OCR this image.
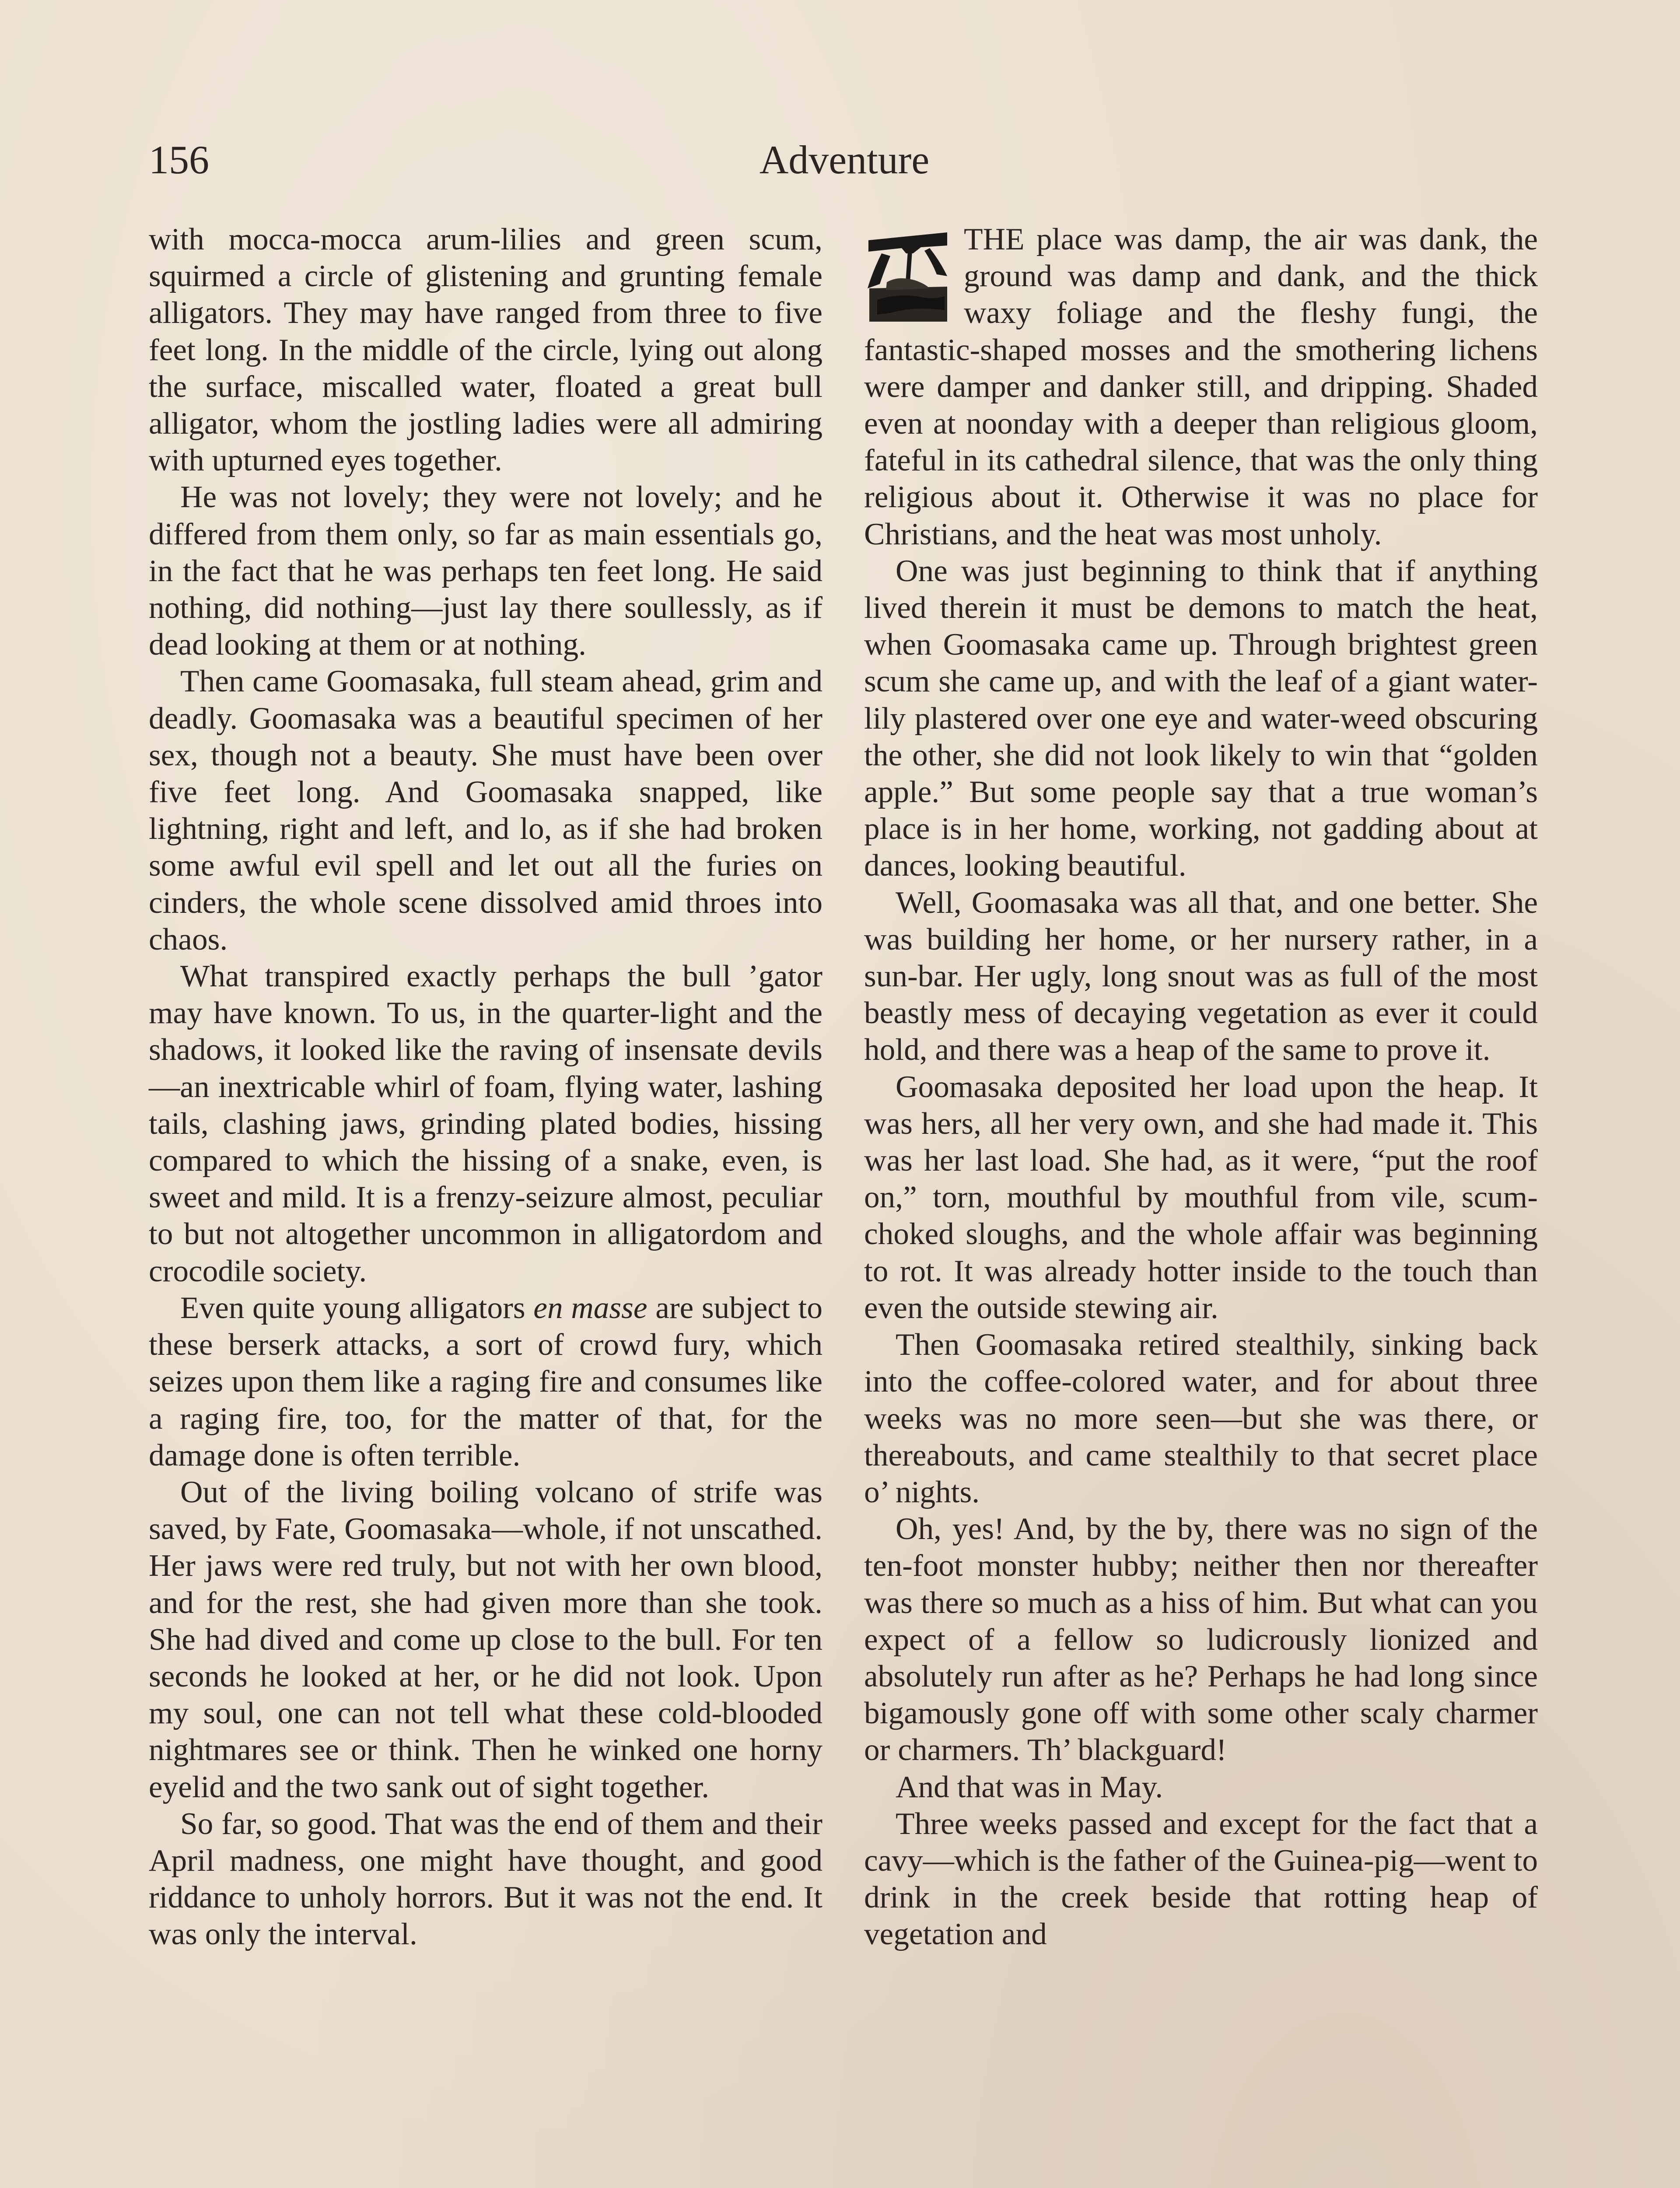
Adventure
156

with mocca-mocca arum-lilies and green scum, squirmed a circle of glistening and grunting female alligators. They may have ranged from three to five feet long. In the middle of the circle, lying out along the surface, miscalled water, floated a great bull alligator, whom the jostling ladies were all admiring with upturned eyes together.

He was not lovely; they were not lovely; and he differed from them only, so far as main essentials go, in the fact that he was perhaps ten feet long. He said nothing, did nothing—just lay there soullessly, as if dead looking at them or at nothing.

Then came Goomasaka, full steam ahead, grim and deadly. Goomasaka was a beautiful specimen of her sex, though not a beauty. She must have been over five feet long. And Goomasaka snapped, like lightning, right and left, and lo, as if she had broken some awful evil spell and let out all the furies on cinders, the whole scene dissolved amid throes into chaos.

What transpired exactly perhaps the bull ’gator may have known. To us, in the quarter-light and the shadows, it looked like the raving of insensate devils—an inextricable whirl of foam, flying water, lashing tails, clashing jaws, grinding plated bodies, hissing compared to which the hissing of a snake, even, is sweet and mild. It is a frenzy-seizure almost, peculiar to but not altogether uncommon in alligatordom and crocodile society.

Even quite young alligators en masse are subject to these berserk attacks, a sort of crowd fury, which seizes upon them like a raging fire and consumes like a raging fire, too, for the matter of that, for the damage done is often terrible.

Out of the living boiling volcano of strife was saved, by Fate, Goomasaka—whole, if not unscathed. Her jaws were red truly, but not with her own blood, and for the rest, she had given more than she took. She had dived and come up close to the bull. For ten seconds he looked at her, or he did not look. Upon my soul, one can not tell what these cold-blooded nightmares see or think. Then he winked one horny eyelid and the two sank out of sight together.

So far, so good. That was the end of them and their April madness, one might have thought, and good riddance to unholy horrors. But it was not the end. It was only the interval.

THE place was damp, the air was dank, the ground was damp and dank, and the thick waxy foliage and the fleshy fungi, the fantastic-shaped mosses and the smothering lichens were damper and danker still, and dripping. Shaded even at noonday with a deeper than religious gloom, fateful in its cathedral silence, that was the only thing religious about it. Otherwise it was no place for Christians, and the heat was most unholy.

One was just beginning to think that if anything lived therein it must be demons to match the heat, when Goomasaka came up. Through brightest green scum she came up, and with the leaf of a giant water-lily plastered over one eye and water-weed obscuring the other, she did not look likely to win that “golden apple.” But some people say that a true woman’s place is in her home, working, not gadding about at dances, looking beautiful.

Well, Goomasaka was all that, and one better. She was building her home, or her nursery rather, in a sun-bar. Her ugly, long snout was as full of the most beastly mess of decaying vegetation as ever it could hold, and there was a heap of the same to prove it.

Goomasaka deposited her load upon the heap. It was hers, all her very own, and she had made it. This was her last load. She had, as it were, “put the roof on,” torn, mouthful by mouthful from vile, scum-choked sloughs, and the whole affair was beginning to rot. It was already hotter inside to the touch than even the outside stewing air.

Then Goomasaka retired stealthily, sinking back into the coffee-colored water, and for about three weeks was no more seen—but she was there, or thereabouts, and came stealthily to that secret place o’ nights.

Oh, yes! And, by the by, there was no sign of the ten-foot monster hubby; neither then nor thereafter was there so much as a hiss of him. But what can you expect of a fellow so ludicrously lionized and absolutely run after as he? Perhaps he had long since bigamously gone off with some other scaly charmer or charmers. Th’ blackguard!

And that was in May.

Three weeks passed and except for the fact that a cavy—which is the father of the Guinea-pig—went to drink in the creek beside that rotting heap of vegetation and
